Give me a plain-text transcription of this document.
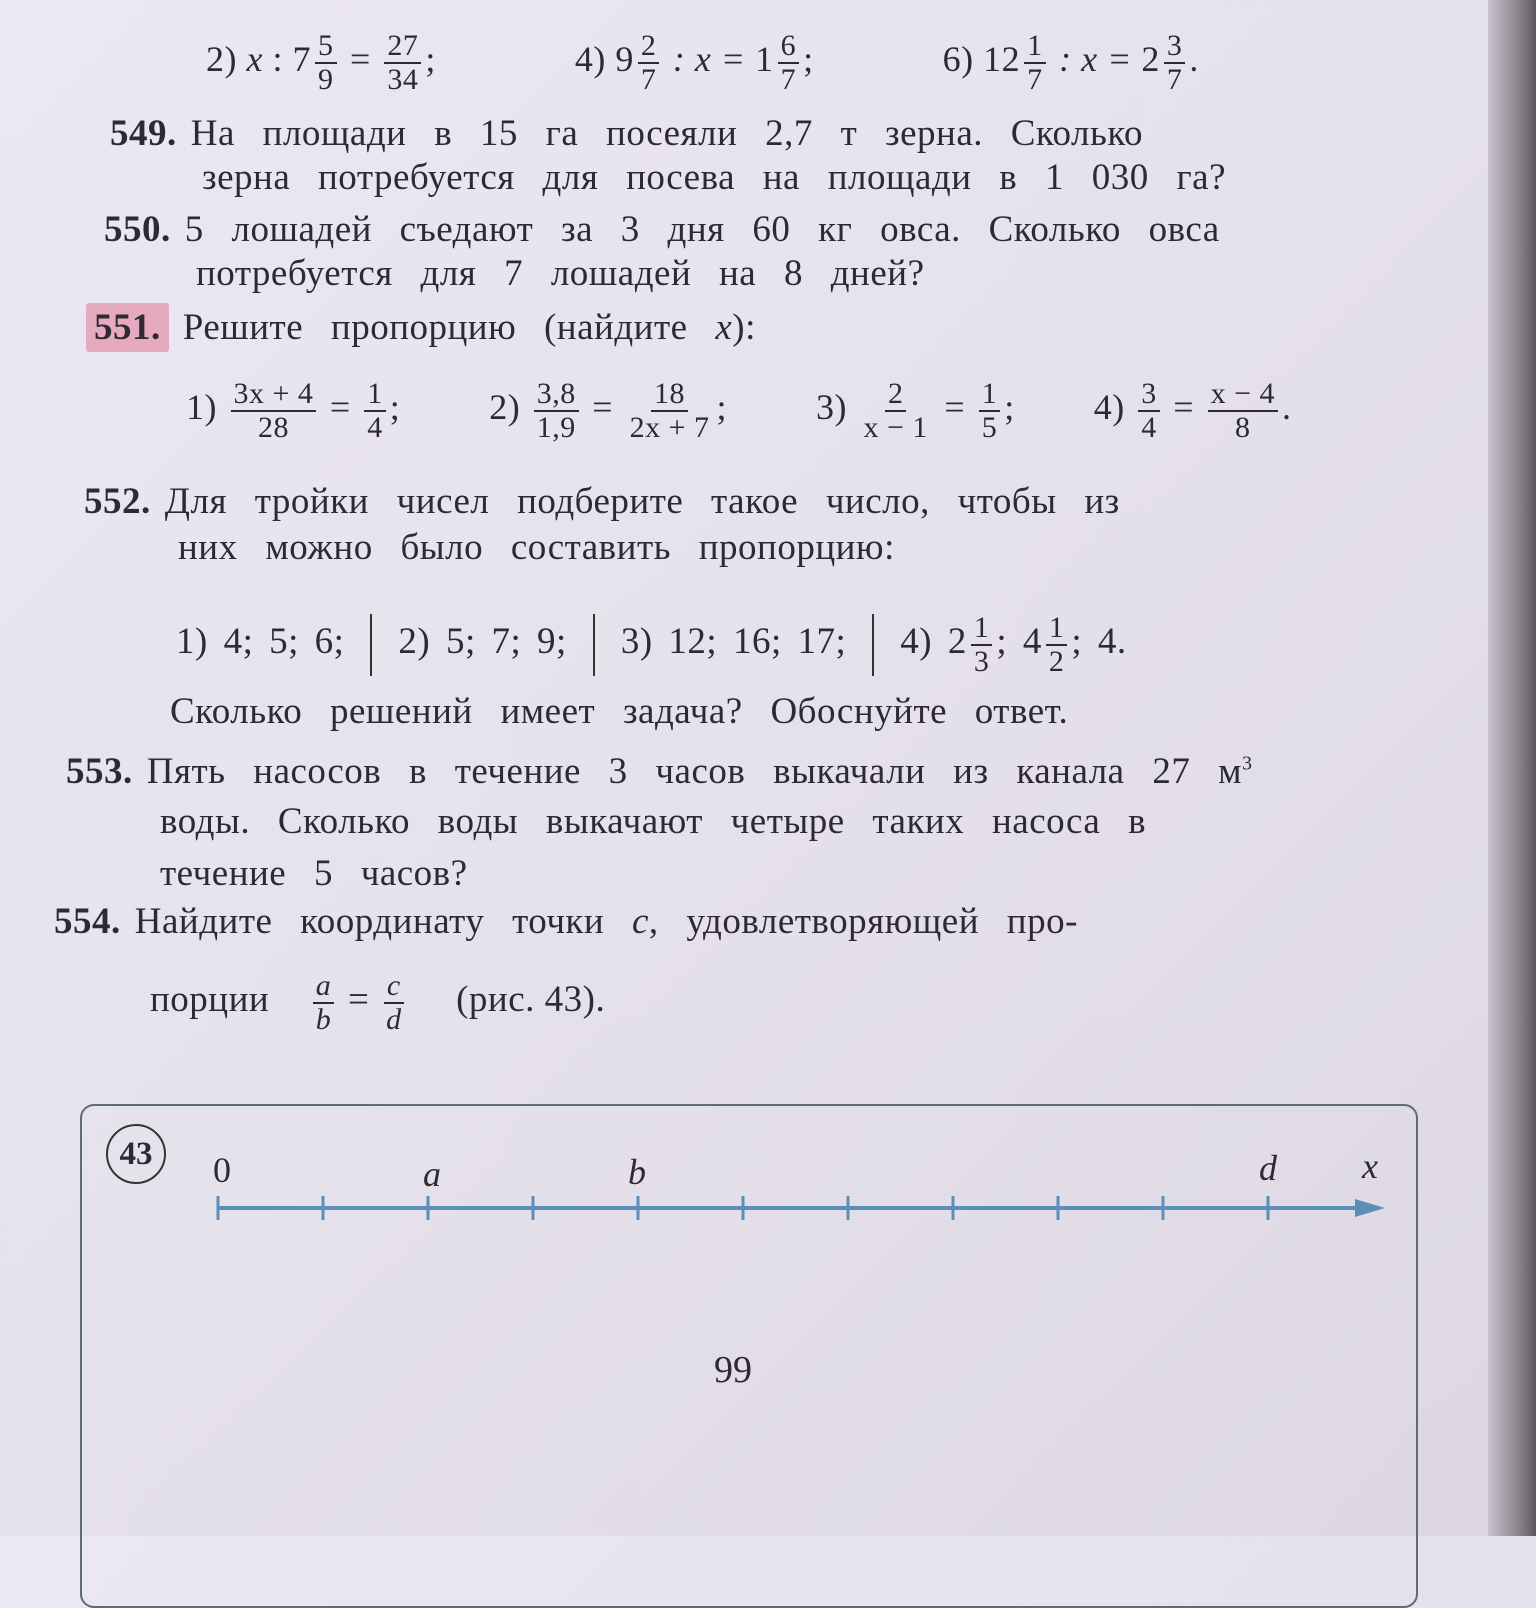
2) x : $7 \frac{5}{9} = \frac{27}{34}$ ;	4) $9 \frac{2}{7}$ : $x = 1 \frac{6}{7}$ ;	6) $12 \frac{1}{7}$ : $x = 2 \frac{3}{7}$ .
549. На площади в 15 га посеяли 2,7 т зерна. Сколько
зерна потребуется для посева на площади в 1 030 га?
550. 5 лошадей съедают за 3 дня 60 кг овса. Сколько овса
потребуется для 7 лошадей на 8 дней?
551. Решите пропорцию (найдите x):
$1) \frac{3x + 4}{28} = \frac{1}{4}$ ; $2) \frac{3,8}{1,9} = \frac{18}{2x + 7}$ ; $3) \frac{2}{x - 1} = \frac{1}{5}$ ; $4) \frac{3}{4} = \frac{x - 4}{8}$ .
552. Для тройки чисел подберите такое число, чтобы из
них можно было составить пропорцию:
1) 4; 5; 6; 2) 5; 7; 9; 3) 12; 16; 17; 4) $2 \frac{1}{3}$ ; $4 \frac{1}{2}$ ; 4.
Сколько решений имеет задача? Обоснуйте ответ.
553. Пять насосов в течение 3 часов выкачали из канала 27 $м^3$
воды. Сколько воды выкачают четыре таких насоса в
течение 5 часов?
554. Найдите координату точки c, удовлетворяющей про-
порции $\frac{a}{b} = \frac{c}{d} (рис$. 43).
43	0	a	b	d x
99
